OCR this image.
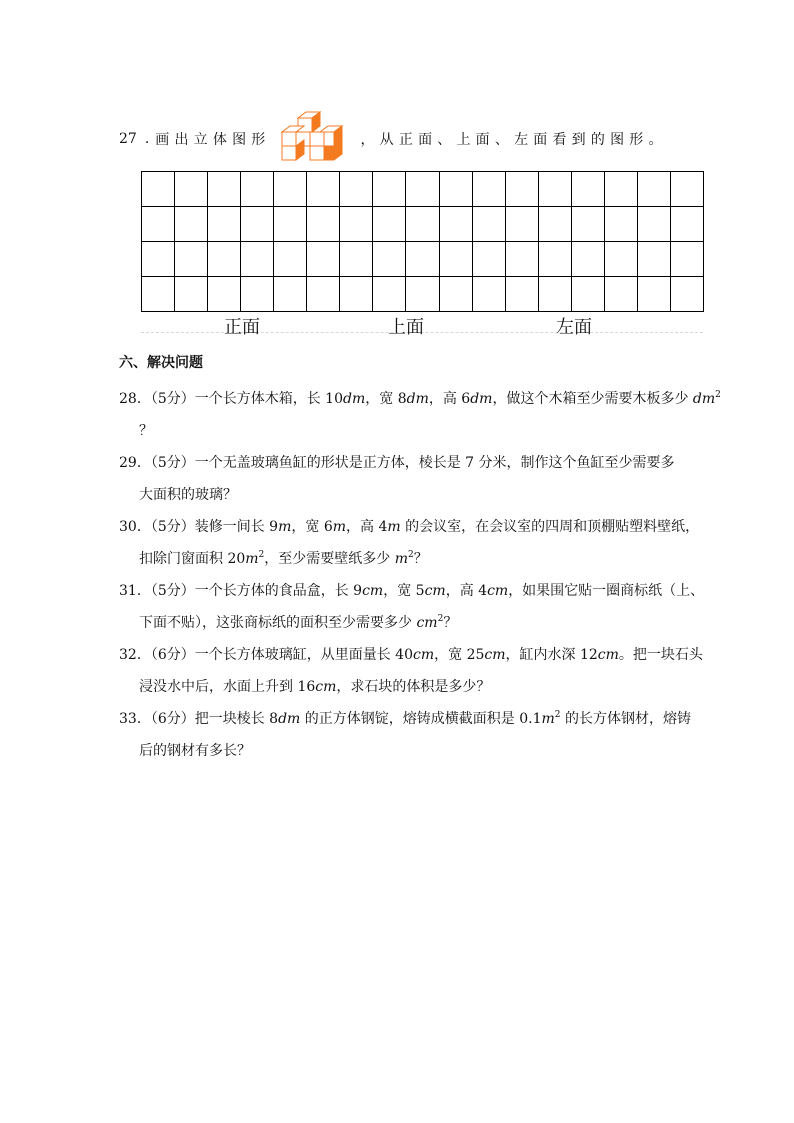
27 . 画出立体图形	，从正面、上面、左面看到的图形。
正面	上面	左面
六、解决问题
28．（5分）一个长方体木箱，长 10dm，宽 8dm，高 6dm，做这个木箱至少需要木板多少 $dm^2$
？
29．（5分）一个无盖玻璃鱼缸的形状是正方体，棱长是 7 分米，制作这个鱼缸至少需要多
大面积的玻璃？
30．（5分）装修一间长 9m，宽 6m，高 4m 的会议室，在会议室的四周和顶棚贴塑料壁纸，
扣除门窗面积 $20m^2$，至少需要壁纸多少 $m^2$？
31．（5分）一个长方体的食品盒，长 9cm，宽 5cm，高 4cm，如果围它贴一圈商标纸（上、
下面不贴），这张商标纸的面积至少需要多少 $cm^2$？
32．（6分）一个长方体玻璃缸，从里面量长 40cm，宽 25cm，缸内水深 12cm。把一块石头
浸没水中后，水面上升到 16cm，求石块的体积是多少？
33．（6分）把一块棱长 8dm 的正方体钢锭，熔铸成横截面积是 $0.1m^2$ 的长方体钢材，熔铸
后的钢材有多长？
